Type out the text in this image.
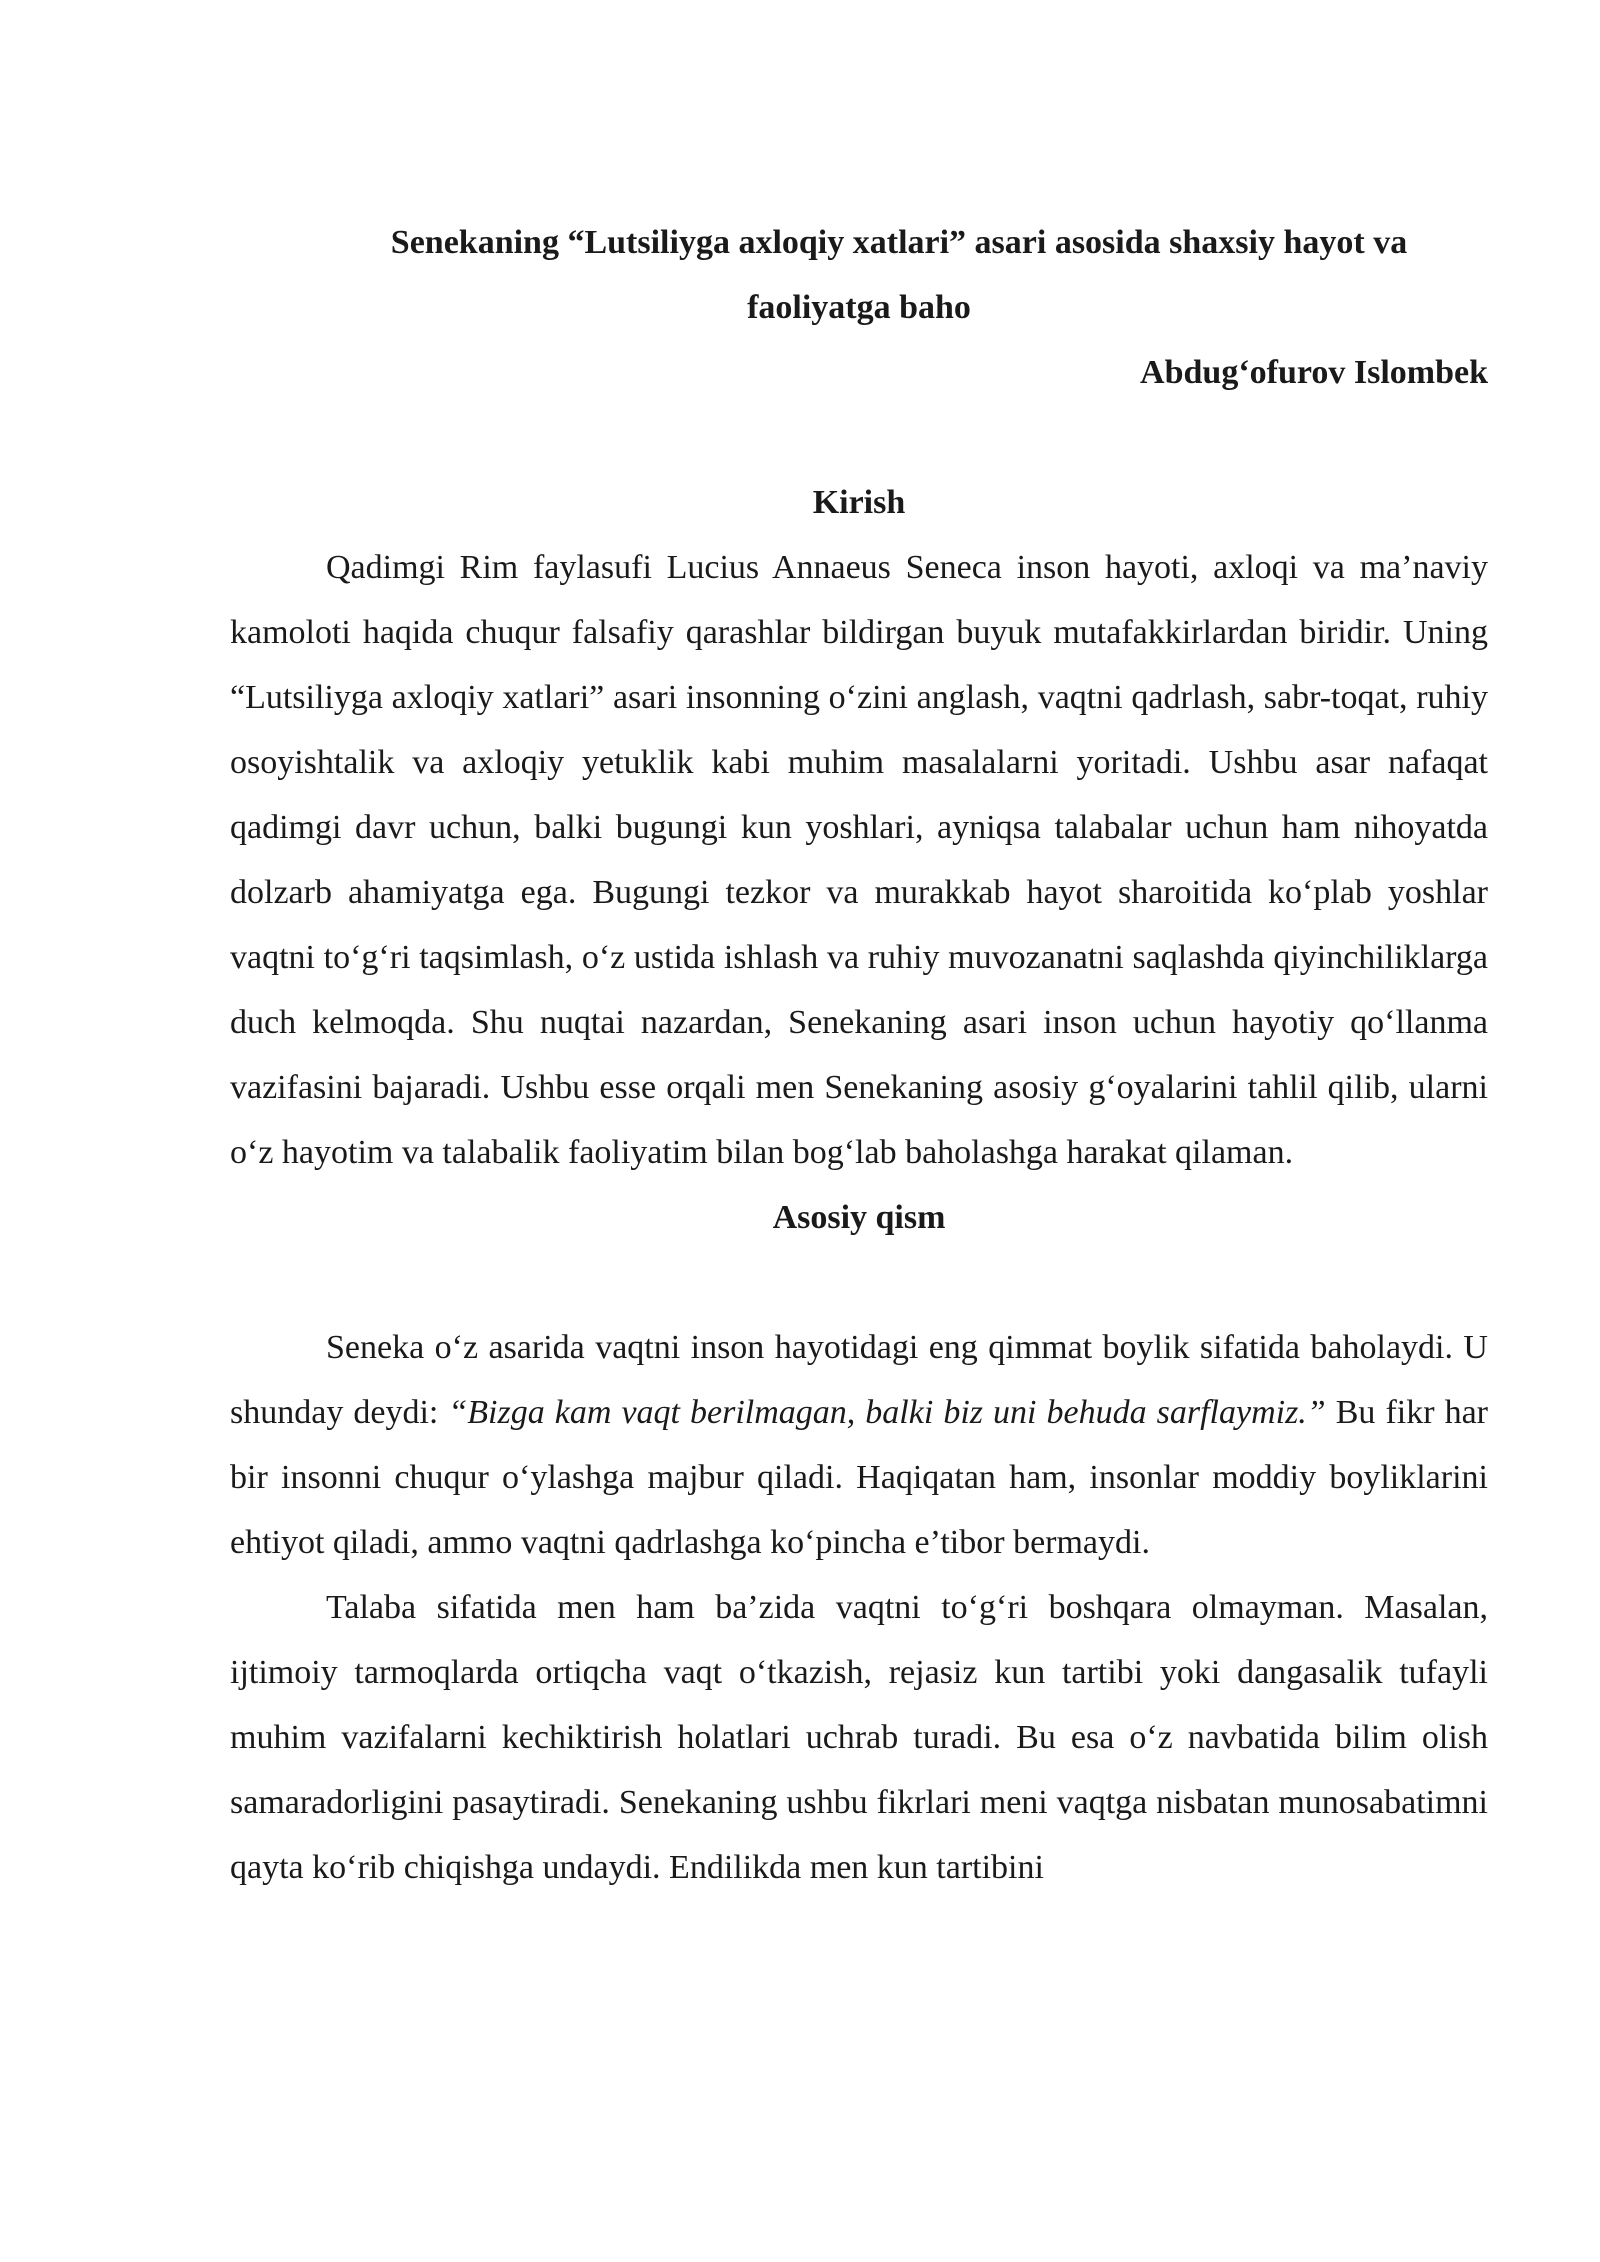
Senekaning “Lutsiliyga axloqiy xatlari” asari asosida shaxsiy hayot va
faoliyatga baho

Abdug‘ofurov Islombek

Kirish

Qadimgi Rim faylasufi Lucius Annaeus Seneca inson hayoti, axloqi va ma’naviy kamoloti haqida chuqur falsafiy qarashlar bildirgan buyuk mutafakkirlardan biridir. Uning “Lutsiliyga axloqiy xatlari” asari insonning o‘zini anglash, vaqtni qadrlash, sabr-toqat, ruhiy osoyishtalik va axloqiy yetuklik kabi muhim masalalarni yoritadi. Ushbu asar nafaqat qadimgi davr uchun, balki bugungi kun yoshlari, ayniqsa talabalar uchun ham nihoyatda dolzarb ahamiyatga ega. Bugungi tezkor va murakkab hayot sharoitida ko‘plab yoshlar vaqtni to‘g‘ri taqsimlash, o‘z ustida ishlash va ruhiy muvozanatni saqlashda qiyinchiliklarga duch kelmoqda. Shu nuqtai nazardan, Senekaning asari inson uchun hayotiy qo‘llanma vazifasini bajaradi. Ushbu esse orqali men Senekaning asosiy g‘oyalarini tahlil qilib, ularni o‘z hayotim va talabalik faoliyatim bilan bog‘lab baholashga harakat qilaman.

Asosiy qism

Seneka o‘z asarida vaqtni inson hayotidagi eng qimmat boylik sifatida baholaydi. U shunday deydi: “Bizga kam vaqt berilmagan, balki biz uni behuda sarflaymiz.” Bu fikr har bir insonni chuqur o‘ylashga majbur qiladi. Haqiqatan ham, insonlar moddiy boyliklarini ehtiyot qiladi, ammo vaqtni qadrlashga ko‘pincha e’tibor bermaydi.

Talaba sifatida men ham ba’zida vaqtni to‘g‘ri boshqara olmayman. Masalan, ijtimoiy tarmoqlarda ortiqcha vaqt o‘tkazish, rejasiz kun tartibi yoki dangasalik tufayli muhim vazifalarni kechiktirish holatlari uchrab turadi. Bu esa o‘z navbatida bilim olish samaradorligini pasaytiradi. Senekaning ushbu fikrlari meni vaqtga nisbatan munosabatimni qayta ko‘rib chiqishga undaydi. Endilikda men kun tartibini
